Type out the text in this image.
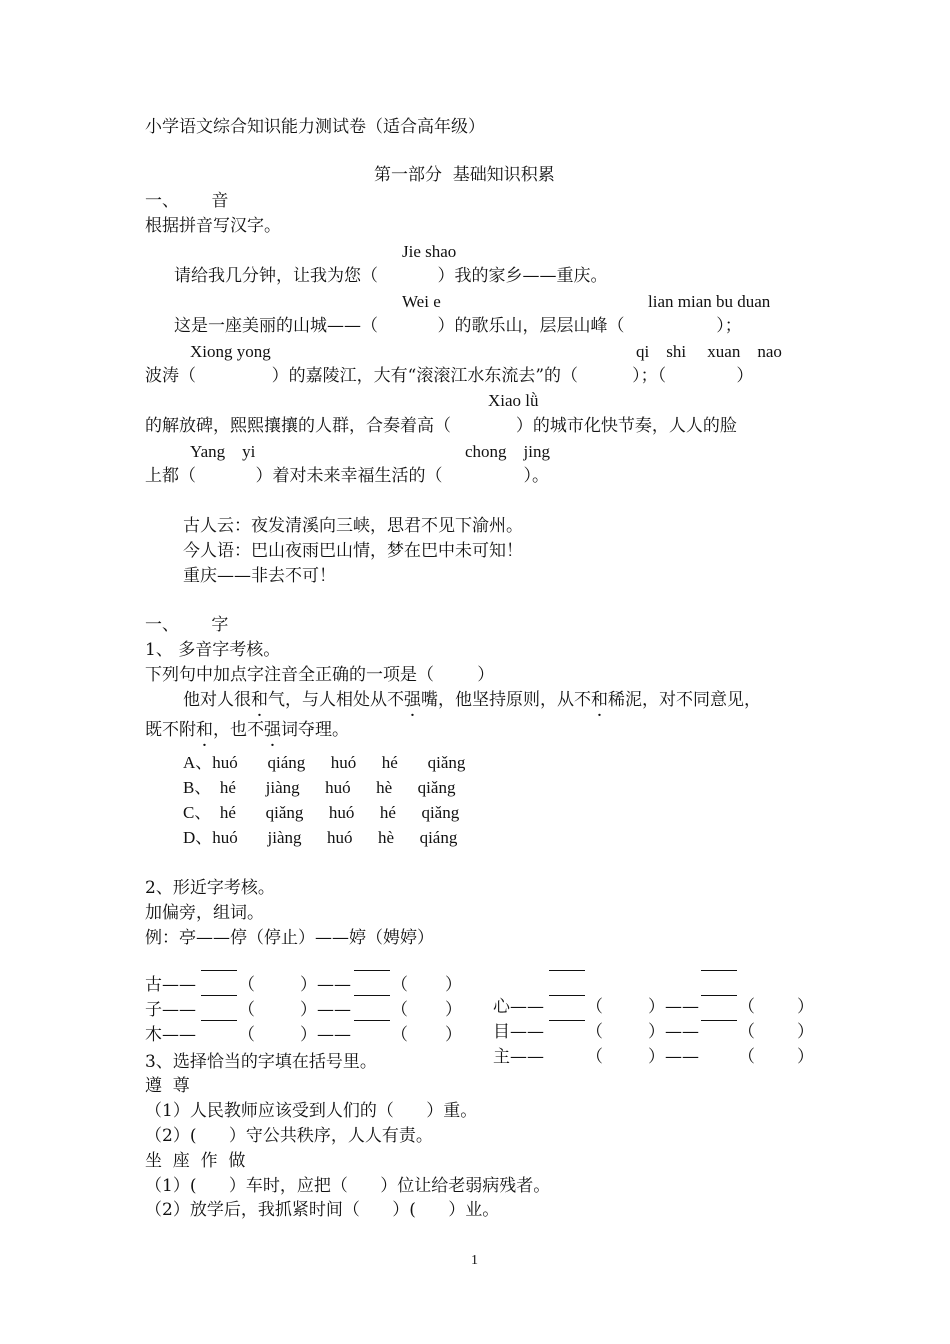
小学语文综合知识能力测试卷（适合高年级）
第一部分  基础知识积累
一、      音
根据拼音写汉字。
Jie shao
请给我几分钟，让我为您（           ）我的家乡——重庆。
Wei e	lian mian bu duan
这是一座美丽的山城——（           ）的歌乐山，层层山峰（                 ）；
Xiong yong	qi    shi     xuan    nao
波涛（              ）的嘉陵江，大有“滚滚江水东流去”的（          ）；（             ）
Xiao lǜ
的解放碑，熙熙攘攘的人群，合奏着高（            ）的城市化快节奏，人人的脸
Yang    yi	chong    jing
上都（           ）着对未来幸福生活的（               ）。
古人云：夜发清溪向三峡，思君不见下渝州。
今人语：巴山夜雨巴山情，梦在巴中未可知！
重庆——非去不可！
一、      字
1、 多音字考核。
下列句中加点字注音全正确的一项是（        ）
他对人很和气，与人相处从不强嘴，他坚持原则，从不和稀泥，对不同意见，
既不附和，也不强词夺理。
A、huó       qiáng      huó      hé       qiǎng
B、  hé       jiàng      huó      hè      qiǎng
C、  hé       qiǎng      huó      hé      qiǎng
D、huó       jiàng      huó      hè      qiáng
2、形近字考核。
加偏旁，组词。
例：亭——停（停止）——婷（娉婷）

古 —— （	） —— （ ）

心 —— （	） —— （ ）

子 —— （	） —— （ ）

目 —— （	） —— （ ）

木 —— （	） —— （ ）

主 —— （	） —— （ ）

3、选择恰当的字填在括号里。
遵  尊
（1）人民教师应该受到人们的（      ）重。
（2）(      ）守公共秩序，人人有责。
坐  座  作  做
（1）(      ）车时，应把（      ）位让给老弱病残者。
（2）放学后，我抓紧时间（      ）(      ）业。
1
